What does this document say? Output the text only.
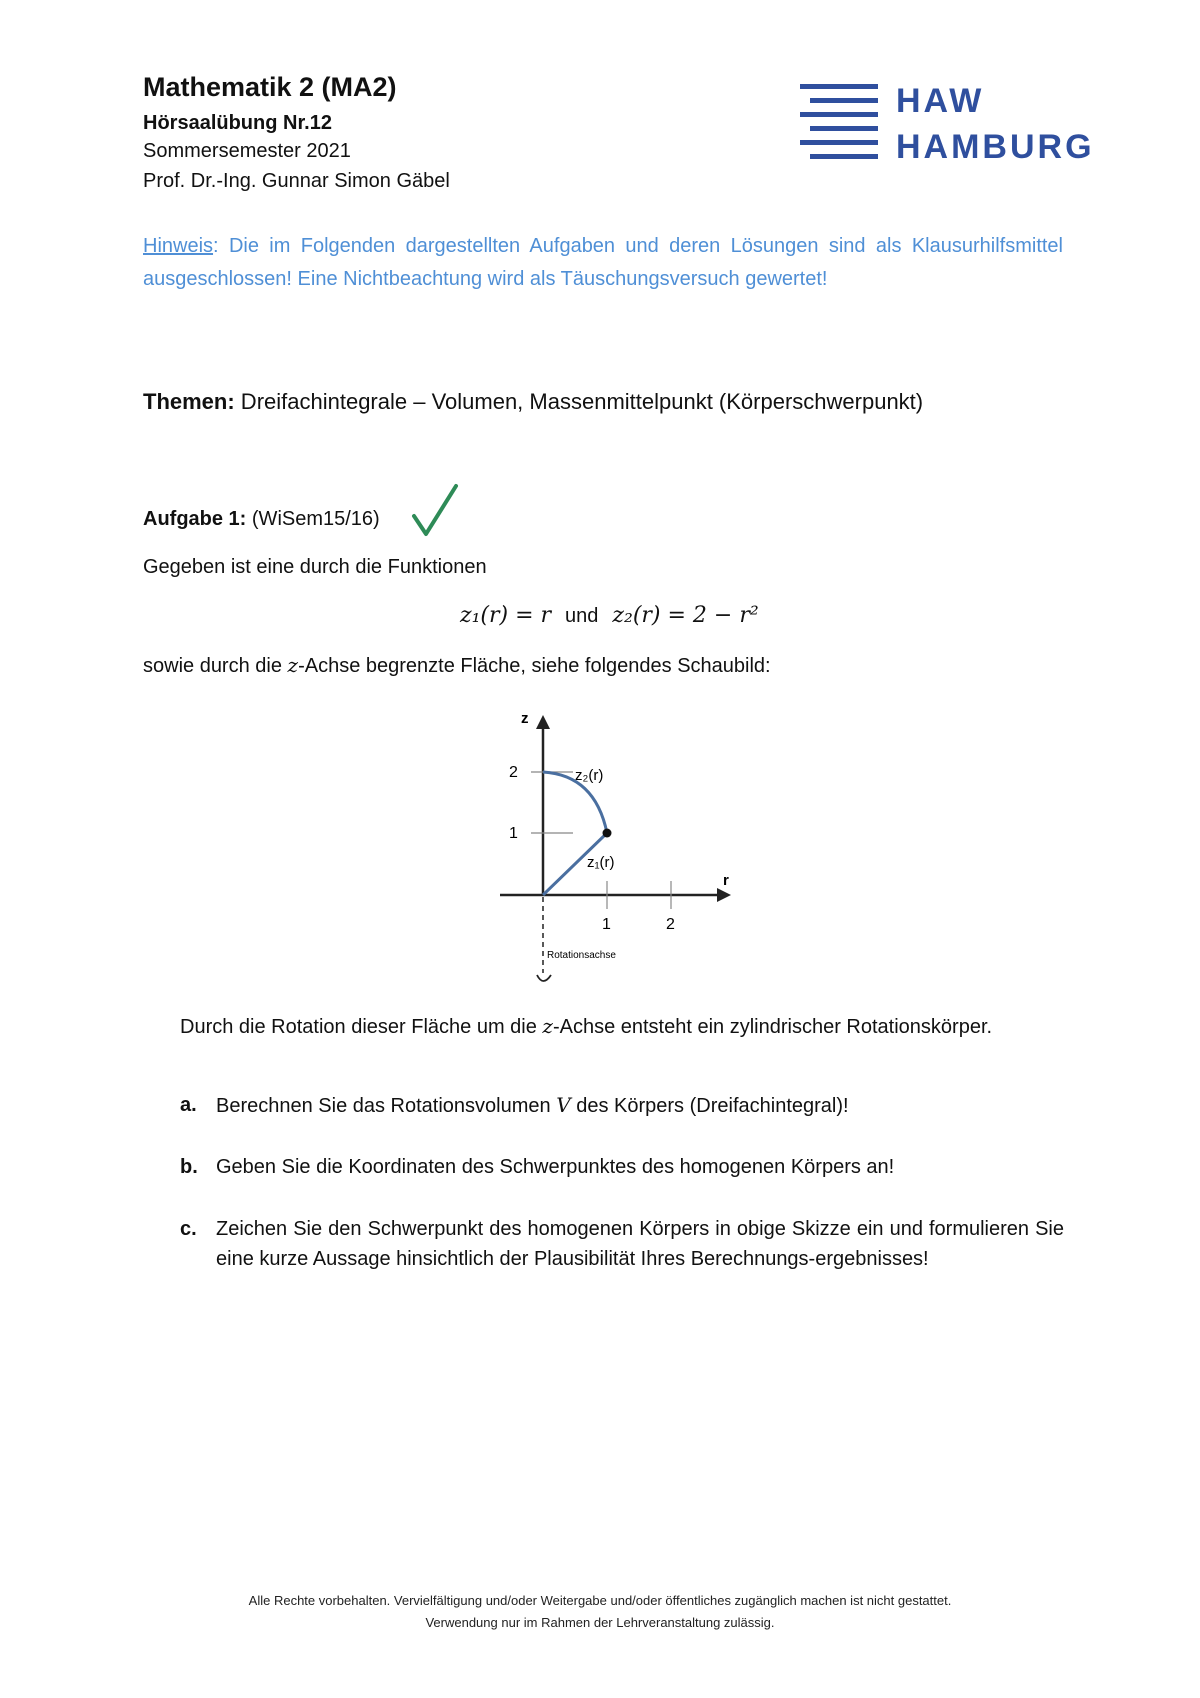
Mathematik 2 (MA2)
Hörsaalübung Nr.12
Sommersemester 2021
Prof. Dr.-Ing. Gunnar Simon Gäbel
HAW
HAMBURG
Hinweis: Die im Folgenden dargestellten Aufgaben und deren Lösungen sind als Klausurhilfsmittel ausgeschlossen! Eine Nichtbeachtung wird als Täuschungsversuch gewertet!
Themen: Dreifachintegrale – Volumen, Massenmittelpunkt (Körperschwerpunkt)
Aufgabe 1: (WiSem15/16)
Gegeben ist eine durch die Funktionen
z₁(r) = r und z₂(r) = 2 − r²
sowie durch die z-Achse begrenzte Fläche, siehe folgendes Schaubild:
z
r
1
2
1	2
z₂(r)
z₁(r)
Rotationsachse
Durch die Rotation dieser Fläche um die z-Achse entsteht ein zylindrischer Rotationskörper.
a. Berechnen Sie das Rotationsvolumen V des Körpers (Dreifachintegral)!
b. Geben Sie die Koordinaten des Schwerpunktes des homogenen Körpers an!
c. Zeichen Sie den Schwerpunkt des homogenen Körpers in obige Skizze ein und formulieren Sie eine kurze Aussage hinsichtlich der Plausibilität Ihres Berechnungs-ergebnisses!
Alle Rechte vorbehalten. Vervielfältigung und/oder Weitergabe und/oder öffentliches zugänglich machen ist nicht gestattet.
Verwendung nur im Rahmen der Lehrveranstaltung zulässig.
